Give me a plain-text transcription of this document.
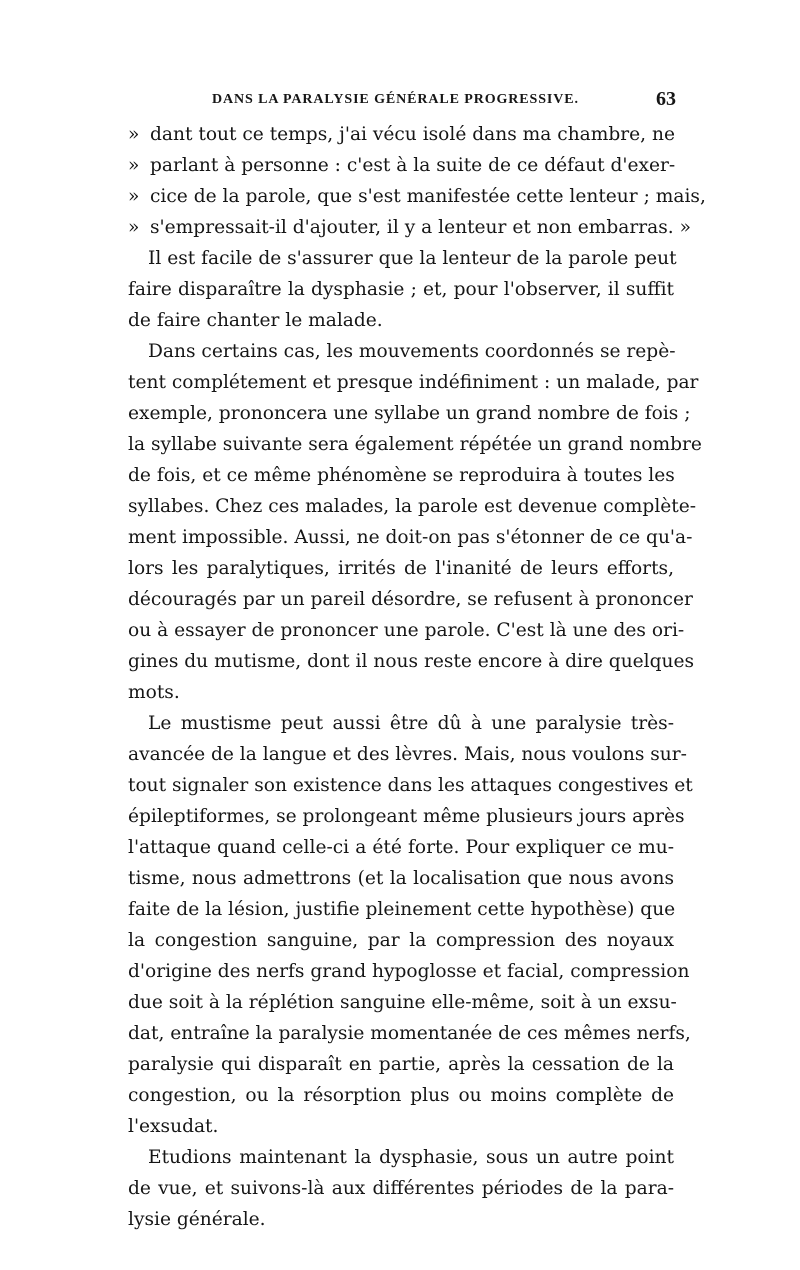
DANS LA PARALYSIE GÉNÉRALE PROGRESSIVE.	63
» dant tout ce temps, j'ai vécu isolé dans ma chambre, ne
» parlant à personne : c'est à la suite de ce défaut d'exer-
» cice de la parole, que s'est manifestée cette lenteur ; mais,
» s'empressait-il d'ajouter, il y a lenteur et non embarras. »
Il est facile de s'assurer que la lenteur de la parole peut
faire disparaître la dysphasie ; et, pour l'observer, il suffit
de faire chanter le malade.
Dans certains cas, les mouvements coordonnés se repè-
tent complétement et presque indéfiniment : un malade, par
exemple, prononcera une syllabe un grand nombre de fois ;
la syllabe suivante sera également répétée un grand nombre
de fois, et ce même phénomène se reproduira à toutes les
syllabes. Chez ces malades, la parole est devenue complète-
ment impossible. Aussi, ne doit-on pas s'étonner de ce qu'a-
lors les paralytiques, irrités de l'inanité de leurs efforts,
découragés par un pareil désordre, se refusent à prononcer
ou à essayer de prononcer une parole. C'est là une des ori-
gines du mutisme, dont il nous reste encore à dire quelques
mots.
Le mustisme peut aussi être dû à une paralysie très-
avancée de la langue et des lèvres. Mais, nous voulons sur-
tout signaler son existence dans les attaques congestives et
épileptiformes, se prolongeant même plusieurs jours après
l'attaque quand celle-ci a été forte. Pour expliquer ce mu-
tisme, nous admettrons (et la localisation que nous avons
faite de la lésion, justifie pleinement cette hypothèse) que
la congestion sanguine, par la compression des noyaux
d'origine des nerfs grand hypoglosse et facial, compression
due soit à la réplétion sanguine elle-même, soit à un exsu-
dat, entraîne la paralysie momentanée de ces mêmes nerfs,
paralysie qui disparaît en partie, après la cessation de la
congestion, ou la résorption plus ou moins complète de
l'exsudat.
Etudions maintenant la dysphasie, sous un autre point
de vue, et suivons-là aux différentes périodes de la para-
lysie générale.
